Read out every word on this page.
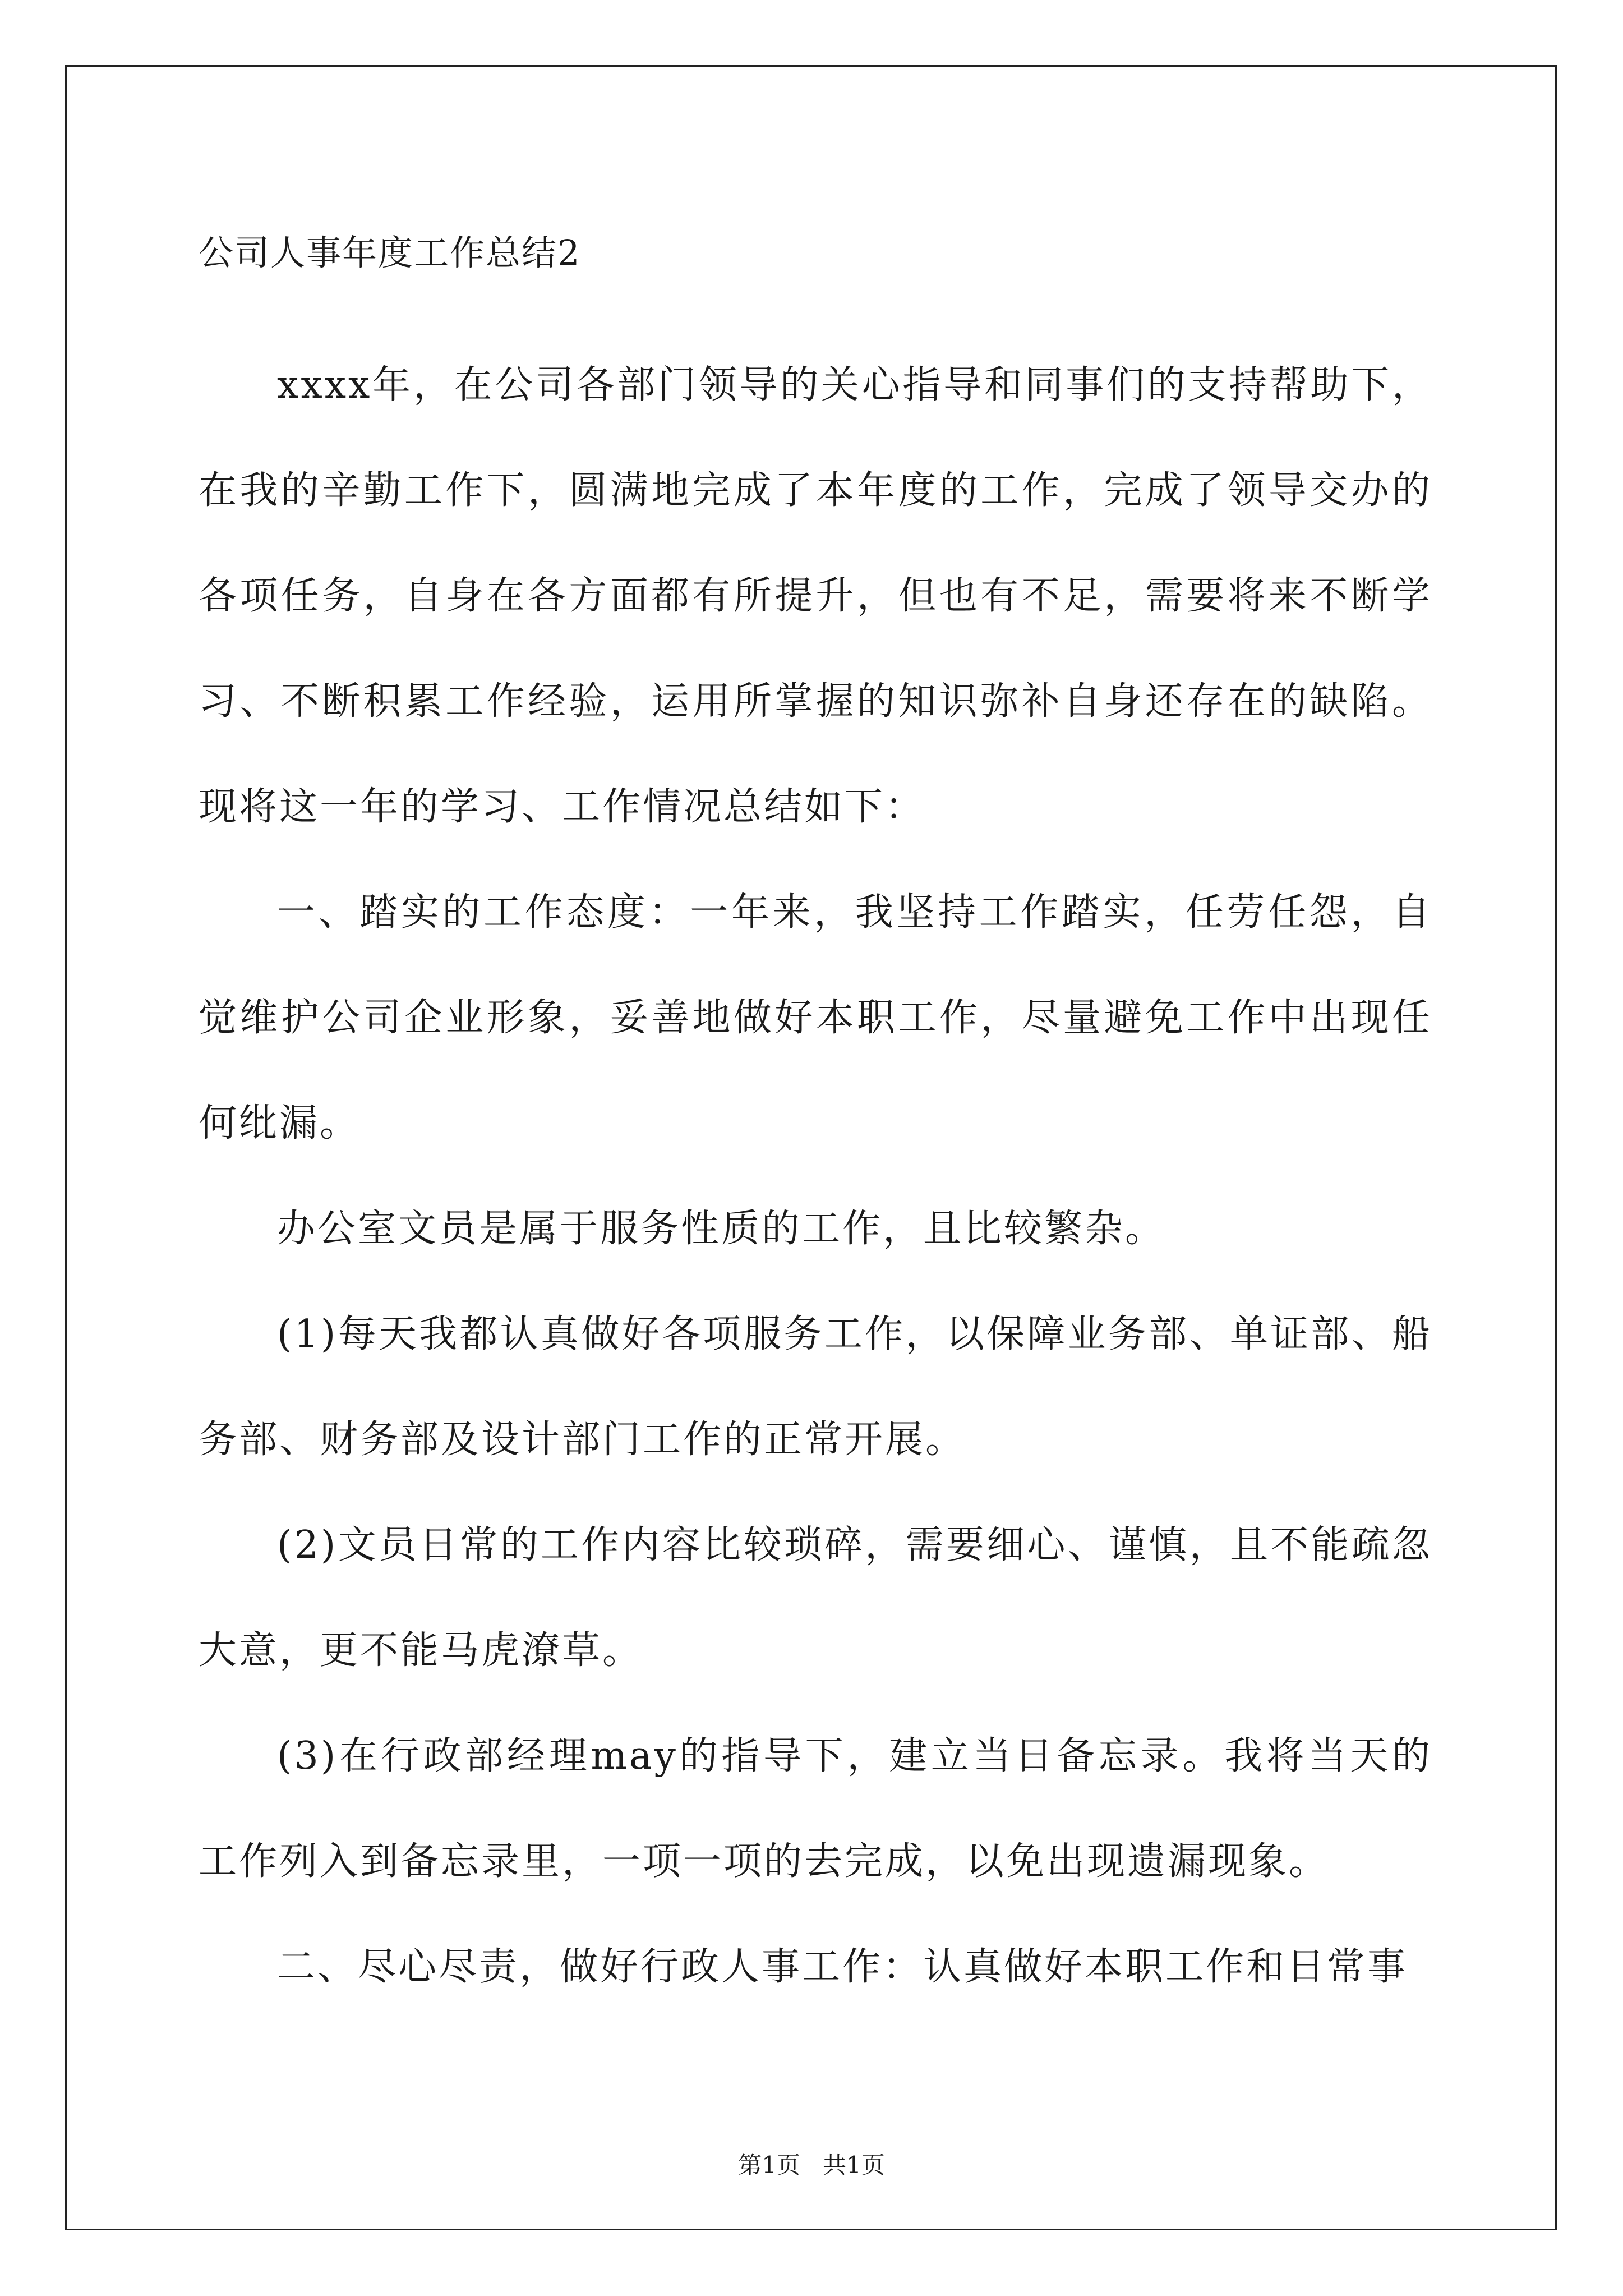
公司人事年度工作总结2

xxxx年，在公司各部门领导的关心指导和同事们的支持帮助下，在我的辛勤工作下，圆满地完成了本年度的工作，完成了领导交办的各项任务，自身在各方面都有所提升，但也有不足，需要将来不断学习、不断积累工作经验，运用所掌握的知识弥补自身还存在的缺陷。现将这一年的学习、工作情况总结如下：

一、踏实的工作态度：一年来，我坚持工作踏实，任劳任怨，自觉维护公司企业形象，妥善地做好本职工作，尽量避免工作中出现任何纰漏。

办公室文员是属于服务性质的工作，且比较繁杂。

(1)每天我都认真做好各项服务工作，以保障业务部、单证部、船务部、财务部及设计部门工作的正常开展。

(2)文员日常的工作内容比较琐碎，需要细心、谨慎，且不能疏忽大意，更不能马虎潦草。

(3)在行政部经理may的指导下，建立当日备忘录。我将当天的工作列入到备忘录里，一项一项的去完成，以免出现遗漏现象。

二、尽心尽责，做好行政人事工作：认真做好本职工作和日常事

第1页 共1页
